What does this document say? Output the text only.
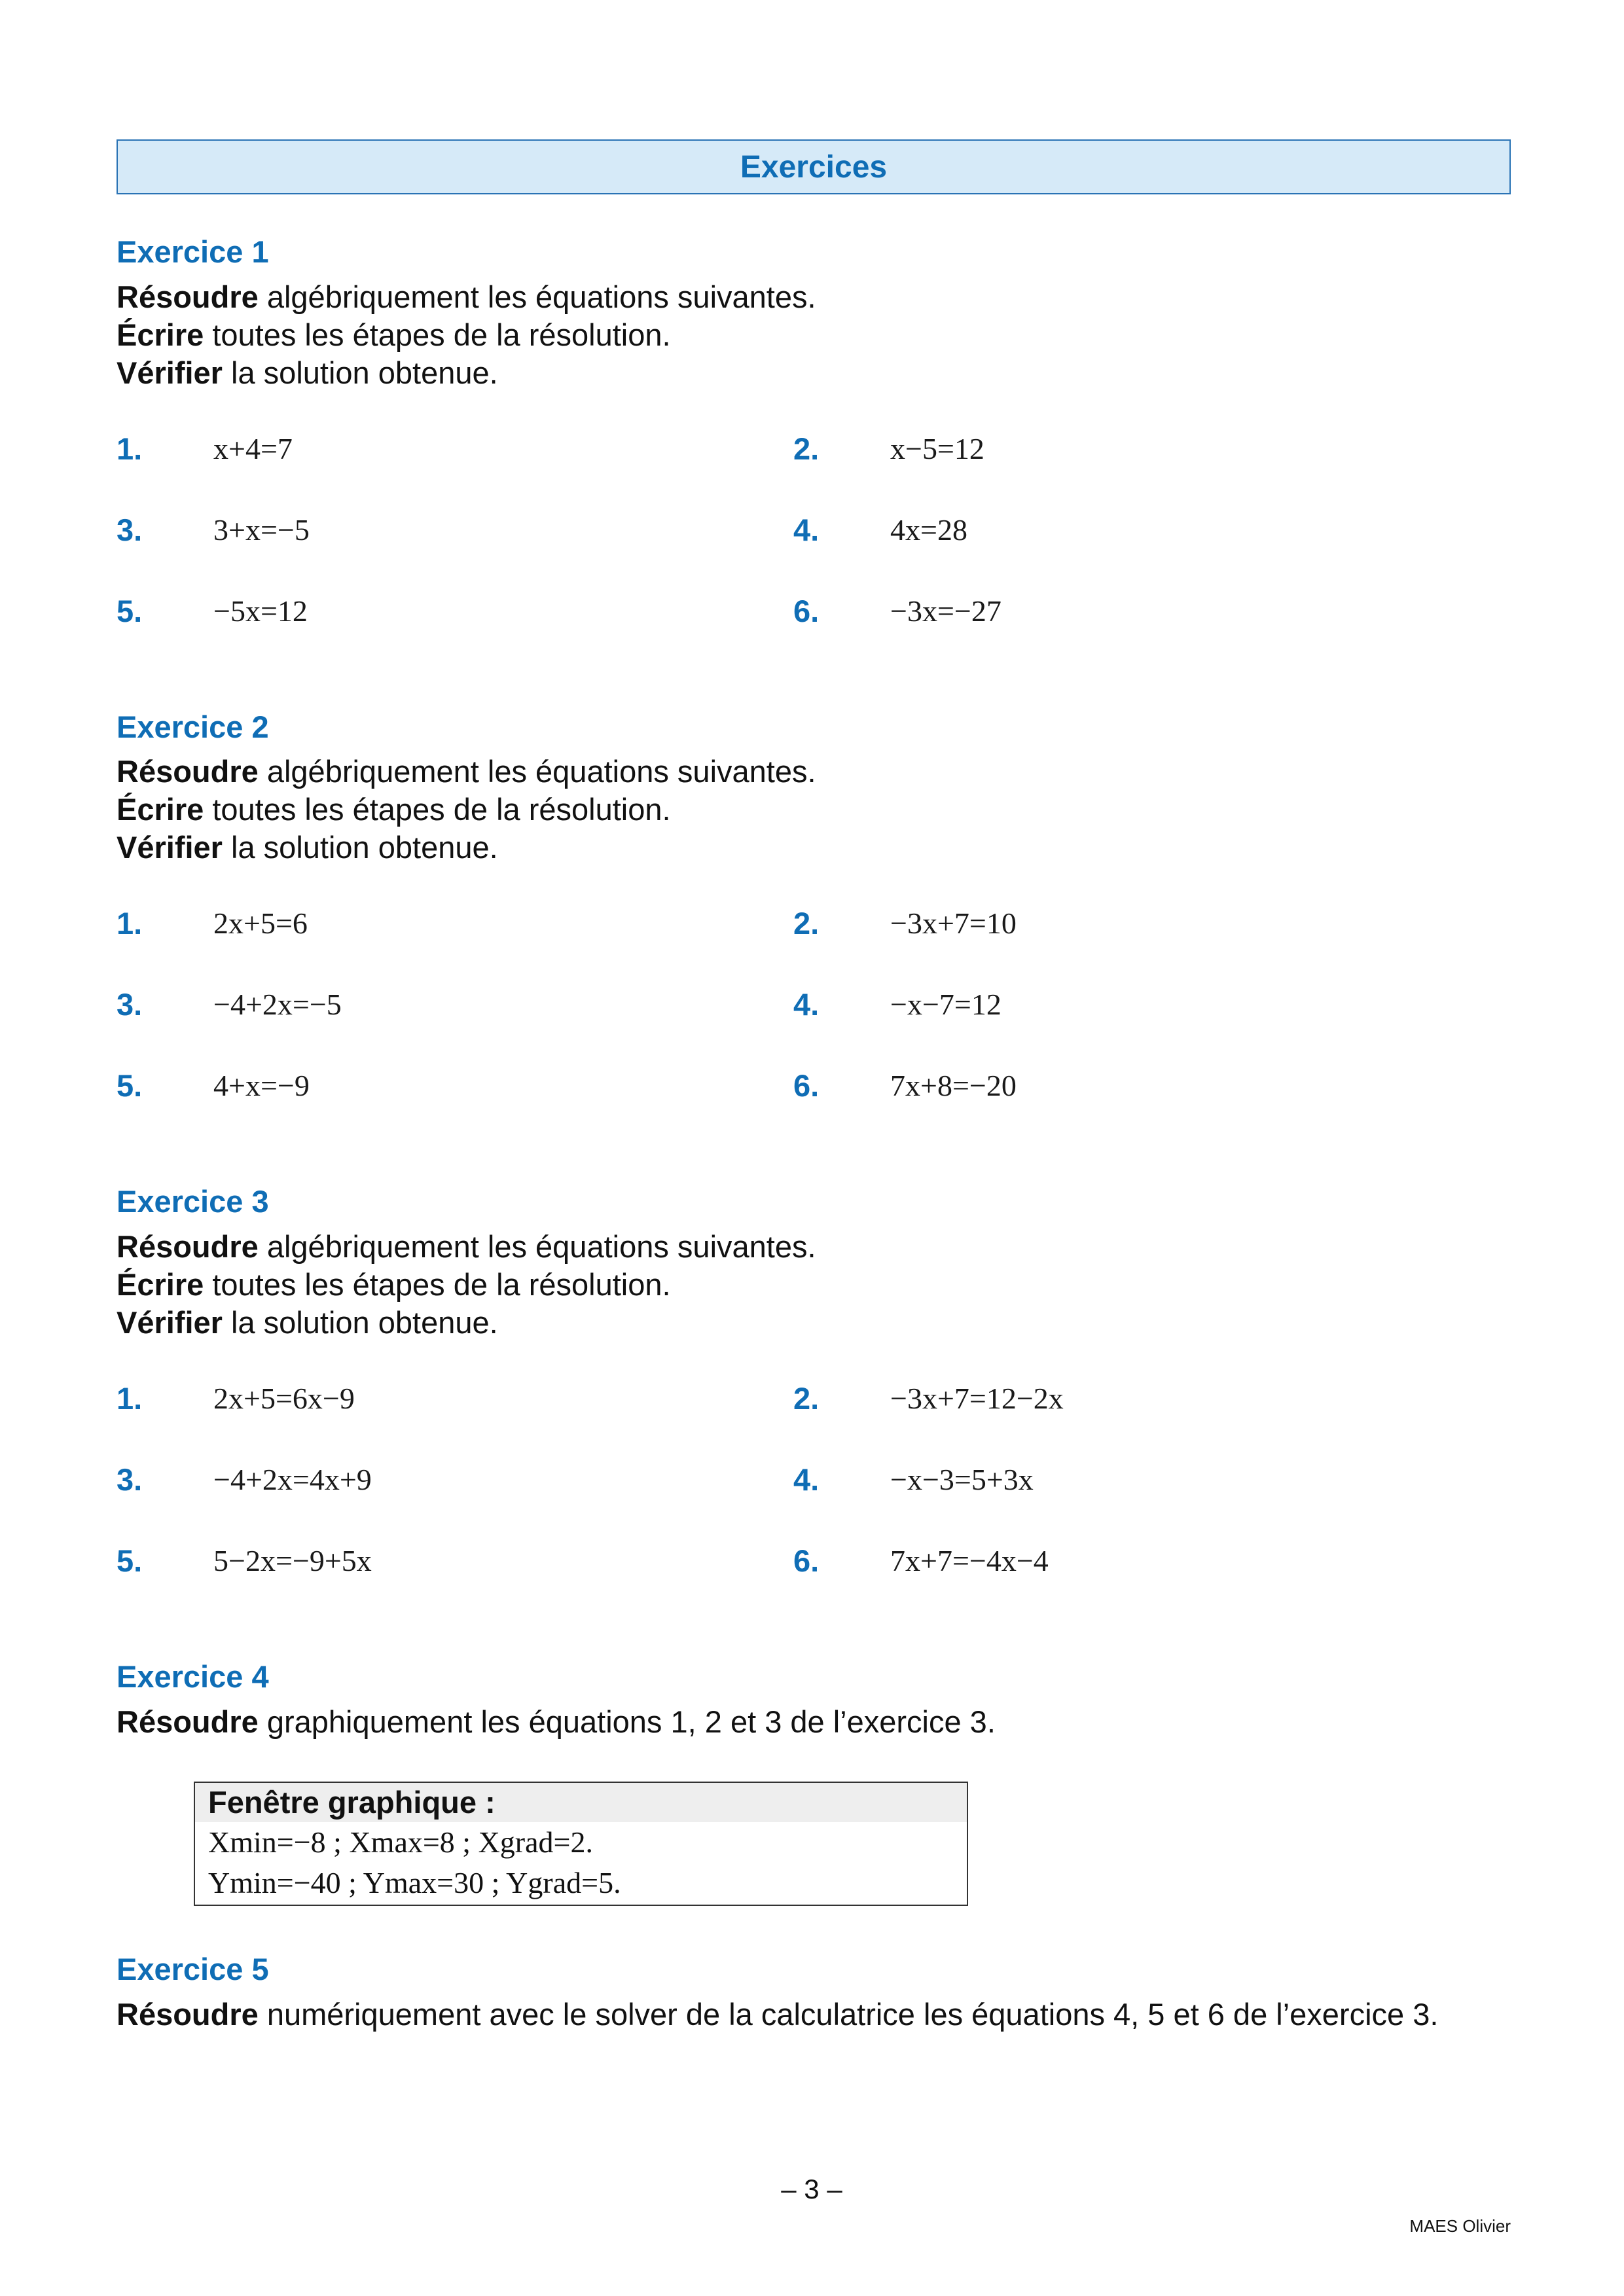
Exercices
Exercice 1
Résoudre algébriquement les équations suivantes.
Écrire toutes les étapes de la résolution.
Vérifier la solution obtenue.
1. x+4=7	2. x−5=12
3. 3+x=−5	4. 4x=28
5. −5x=12	6. −3x=−27
Exercice 2
Résoudre algébriquement les équations suivantes.
Écrire toutes les étapes de la résolution.
Vérifier la solution obtenue.
1. 2x+5=6	2. −3x+7=10
3. −4+2x=−5	4. −x−7=12
5. 4+x=−9	6. 7x+8=−20
Exercice 3
Résoudre algébriquement les équations suivantes.
Écrire toutes les étapes de la résolution.
Vérifier la solution obtenue.
1. 2x+5=6x−9	2. −3x+7=12−2x
3. −4+2x=4x+9	4. −x−3=5+3x
5. 5−2x=−9+5x	6. 7x+7=−4x−4
Exercice 4
Résoudre graphiquement les équations 1, 2 et 3 de l’exercice 3.
Fenêtre graphique :
Xmin=−8 ; Xmax=8 ; Xgrad=2.
Ymin=−40 ; Ymax=30 ; Ygrad=5.
Exercice 5
Résoudre numériquement avec le solver de la calculatrice les équations 4, 5 et 6 de l’exercice 3.
– 3 –
MAES Olivier
